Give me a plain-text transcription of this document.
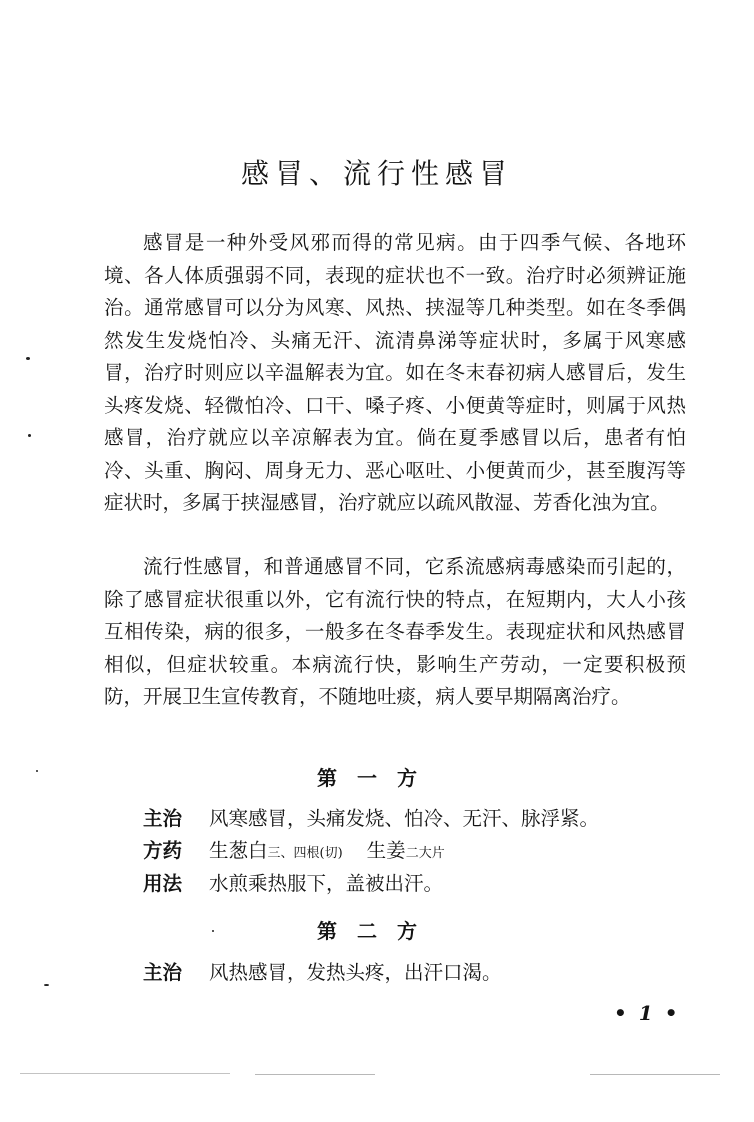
感冒、流行性感冒

感冒是一种外受风邪而得的常见病。由于四季气候、各地环境、各人体质强弱不同，表现的症状也不一致。治疗时必须辨证施治。通常感冒可以分为风寒、风热、挟湿等几种类型。如在冬季偶然发生发烧怕冷、头痛无汗、流清鼻涕等症状时，多属于风寒感冒，治疗时则应以辛温解表为宜。如在冬末春初病人感冒后，发生头疼发烧、轻微怕冷、口干、嗓子疼、小便黄等症时，则属于风热感冒，治疗就应以辛凉解表为宜。倘在夏季感冒以后，患者有怕冷、头重、胸闷、周身无力、恶心呕吐、小便黄而少，甚至腹泻等症状时，多属于挟湿感冒，治疗就应以疏风散湿、芳香化浊为宜。

流行性感冒，和普通感冒不同，它系流感病毒感染而引起的，除了感冒症状很重以外，它有流行快的特点，在短期内，大人小孩互相传染，病的很多，一般多在冬春季发生。表现症状和风热感冒相似，但症状较重。本病流行快，影响生产劳动，一定要积极预防，开展卫生宣传教育，不随地吐痰，病人要早期隔离治疗。

第一方
主治 风寒感冒，头痛发烧、怕冷、无汗、脉浮紧。
方药 生葱白三、四根(切) 生姜二大片
用法 水煎乘热服下，盖被出汗。
第二方
主治 风热感冒，发热头疼，出汗口渴。
•1•
